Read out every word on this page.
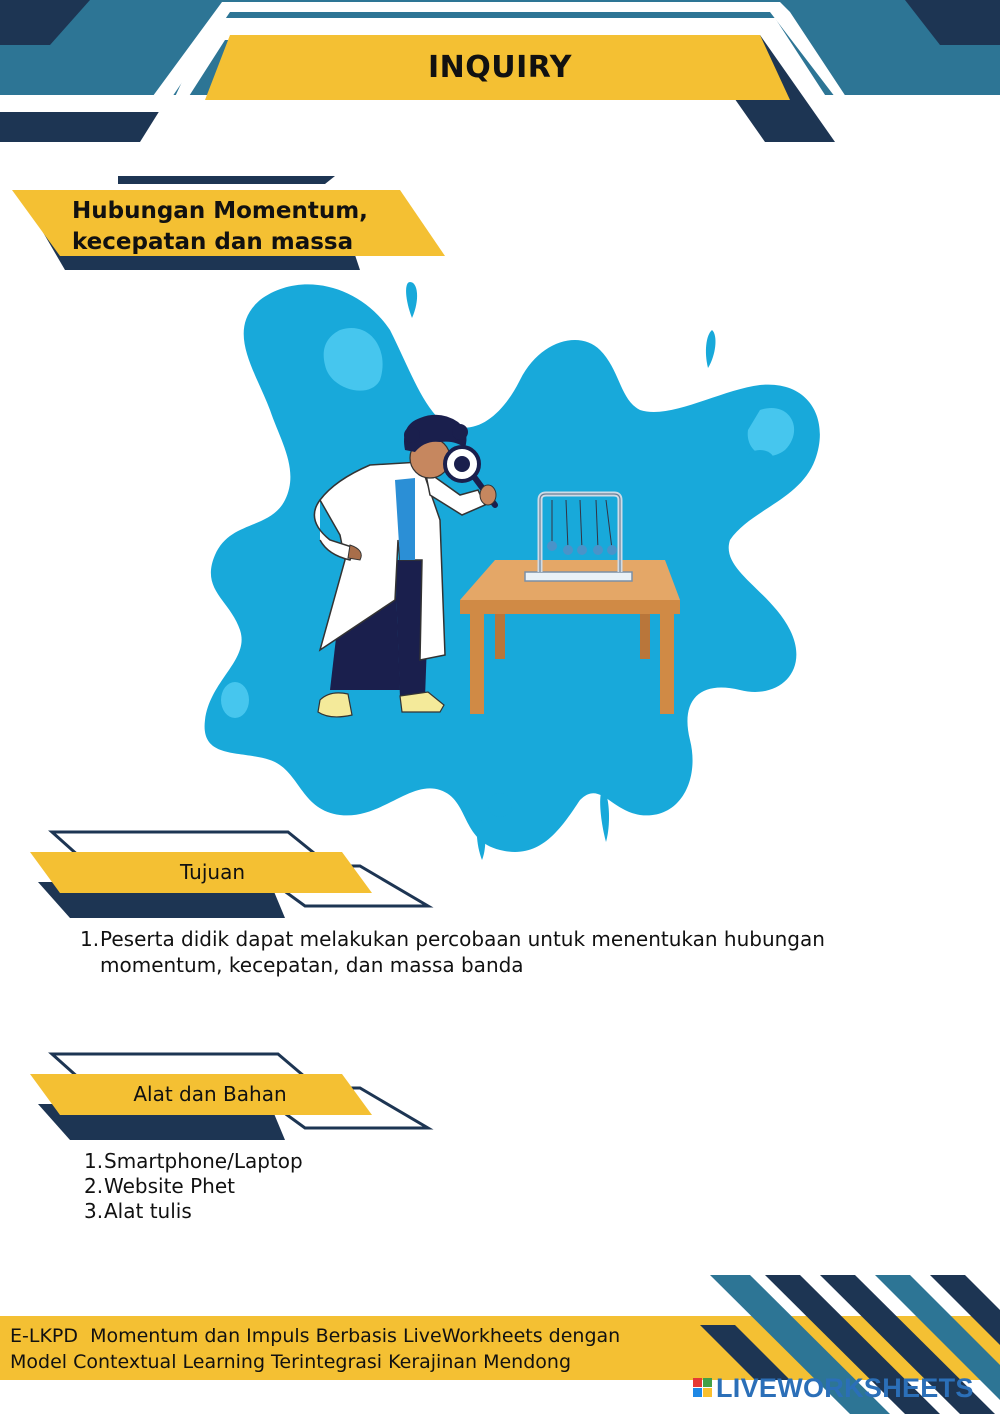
INQUIRY
Hubungan Momentum,
kecepatan dan massa
Tujuan
1. Peserta didik dapat melakukan percobaan untuk menentukan hubungan
momentum, kecepatan, dan massa banda
Alat dan Bahan
1. Smartphone/Laptop
2. Website Phet
3. Alat tulis
E-LKPD  Momentum dan Impuls Berbasis LiveWorkheets dengan
Model Contextual Learning Terintegrasi Kerajinan Mendong
LIVEWORKSHEETS
